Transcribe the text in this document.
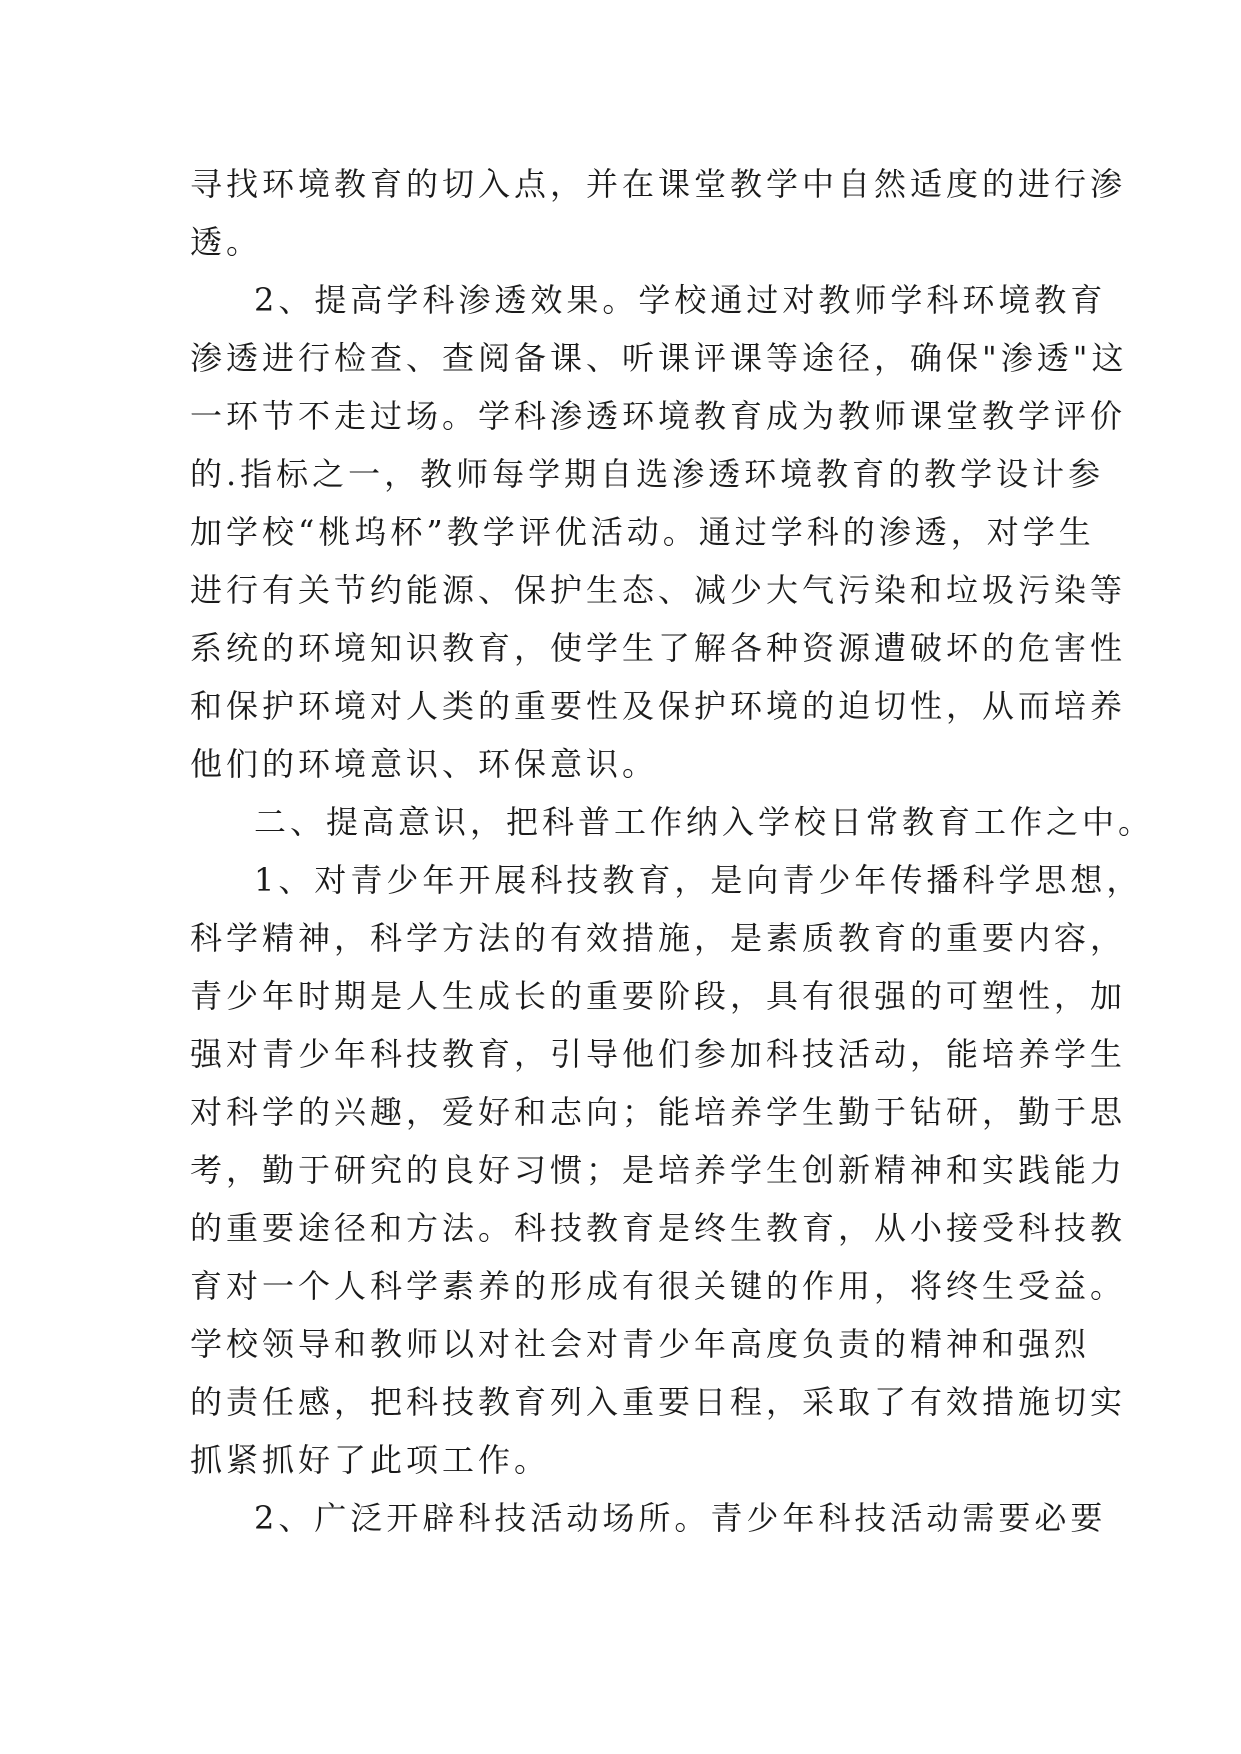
寻找环境教育的切入点，并在课堂教学中自然适度的进行渗
透。
2、提高学科渗透效果。学校通过对教师学科环境教育
渗透进行检查、查阅备课、听课评课等途径，确保"渗透"这
一环节不走过场。学科渗透环境教育成为教师课堂教学评价
的.指标之一，教师每学期自选渗透环境教育的教学设计参
加学校“桃坞杯”教学评优活动。通过学科的渗透，对学生
进行有关节约能源、保护生态、减少大气污染和垃圾污染等
系统的环境知识教育，使学生了解各种资源遭破坏的危害性
和保护环境对人类的重要性及保护环境的迫切性，从而培养
他们的环境意识、环保意识。
二、提高意识，把科普工作纳入学校日常教育工作之中。
1、对青少年开展科技教育，是向青少年传播科学思想，
科学精神，科学方法的有效措施，是素质教育的重要内容，
青少年时期是人生成长的重要阶段，具有很强的可塑性，加
强对青少年科技教育，引导他们参加科技活动，能培养学生
对科学的兴趣，爱好和志向；能培养学生勤于钻研，勤于思
考，勤于研究的良好习惯；是培养学生创新精神和实践能力
的重要途径和方法。科技教育是终生教育，从小接受科技教
育对一个人科学素养的形成有很关键的作用，将终生受益。
学校领导和教师以对社会对青少年高度负责的精神和强烈
的责任感，把科技教育列入重要日程，采取了有效措施切实
抓紧抓好了此项工作。
2、广泛开辟科技活动场所。青少年科技活动需要必要
